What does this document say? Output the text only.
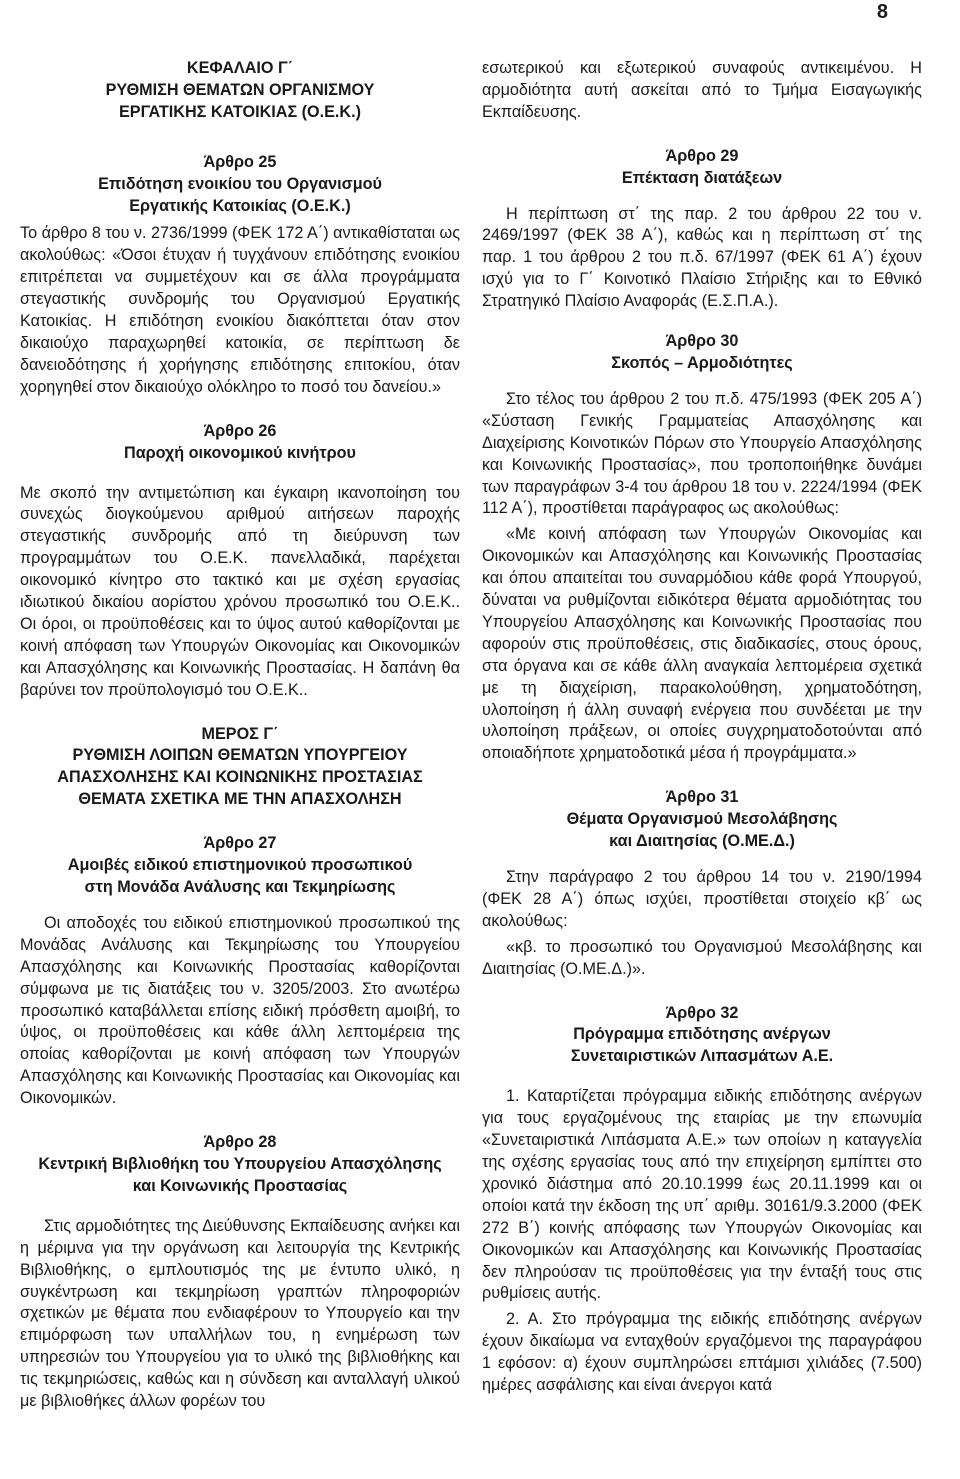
8
ΚΕΦΑΛΑΙΟ Γ΄
ΡΥΘΜΙΣΗ ΘΕΜΑΤΩΝ ΟΡΓΑΝΙΣΜΟΥ
ΕΡΓΑΤΙΚΗΣ ΚΑΤΟΙΚΙΑΣ (Ο.Ε.Κ.)
Άρθρο 25
Επιδότηση ενοικίου του Οργανισμού
Εργατικής Κατοικίας (Ο.Ε.Κ.)

Το άρθρο 8 του ν. 2736/1999 (ΦΕΚ 172 Α΄) αντικαθίσταται ως ακολούθως: «Όσοι έτυχαν ή τυγχάνουν επιδότησης ενοικίου επιτρέπεται να συμμετέχουν και σε άλλα προγράμματα στεγαστικής συνδρομής του Οργανισμού Εργατικής Κατοικίας. Η επιδότηση ενοικίου διακόπτεται όταν στον δικαιούχο παραχωρηθεί κατοικία, σε περίπτωση δε δανειοδότησης ή χορήγησης επιδότησης επιτοκίου, όταν χορηγηθεί στον δικαιούχο ολόκληρο το ποσό του δανείου.»

Άρθρο 26
Παροχή οικονομικού κινήτρου

Με σκοπό την αντιμετώπιση και έγκαιρη ικανοποίηση του συνεχώς διογκούμενου αριθμού αιτήσεων παροχής στεγαστικής συνδρομής από τη διεύρυνση των προγραμμάτων του Ο.Ε.Κ. πανελλαδικά, παρέχεται οικονομικό κίνητρο στο τακτικό και με σχέση εργασίας ιδιωτικού δικαίου αορίστου χρόνου προσωπικό του Ο.Ε.Κ.. Οι όροι, οι προϋποθέσεις και το ύψος αυτού καθορίζονται με κοινή απόφαση των Υπουργών Οικονομίας και Οικονομικών και Απασχόλησης και Κοινωνικής Προστασίας. Η δαπάνη θα βαρύνει τον προϋπολογισμό του Ο.Ε.Κ..

ΜΕΡΟΣ Γ΄
ΡΥΘΜΙΣΗ ΛΟΙΠΩΝ ΘΕΜΑΤΩΝ ΥΠΟΥΡΓΕΙΟΥ
ΑΠΑΣΧΟΛΗΣΗΣ ΚΑΙ ΚΟΙΝΩΝΙΚΗΣ ΠΡΟΣΤΑΣΙΑΣ
ΘΕΜΑΤΑ ΣΧΕΤΙΚΑ ΜΕ ΤΗΝ ΑΠΑΣΧΟΛΗΣΗ
Άρθρο 27
Αμοιβές ειδικού επιστημονικού προσωπικού
στη Μονάδα Ανάλυσης και Τεκμηρίωσης

Οι αποδοχές του ειδικού επιστημονικού προσωπικού της Μονάδας Ανάλυσης και Τεκμηρίωσης του Υπουργείου Απασχόλησης και Κοινωνικής Προστασίας καθορίζονται σύμφωνα με τις διατάξεις του ν. 3205/2003. Στο ανωτέρω προσωπικό καταβάλλεται επίσης ειδική πρόσθετη αμοιβή, το ύψος, οι προϋποθέσεις και κάθε άλλη λεπτομέρεια της οποίας καθορίζονται με κοινή απόφαση των Υπουργών Απασχόλησης και Κοινωνικής Προστασίας και Οικονομίας και Οικονομικών.

Άρθρο 28
Κεντρική Βιβλιοθήκη του Υπουργείου Απασχόλησης
και Κοινωνικής Προστασίας

Στις αρμοδιότητες της Διεύθυνσης Εκπαίδευσης ανήκει και η μέριμνα για την οργάνωση και λειτουργία της Κεντρικής Βιβλιοθήκης, ο εμπλουτισμός της με έντυπο υλικό, η συγκέντρωση και τεκμηρίωση γραπτών πληροφοριών σχετικών με θέματα που ενδιαφέρουν το Υπουργείο και την επιμόρφωση των υπαλλήλων του, η ενημέρωση των υπηρεσιών του Υπουργείου για το υλικό της βιβλιοθήκης και τις τεκμηριώσεις, καθώς και η σύνδεση και ανταλλαγή υλικού με βιβλιοθήκες άλλων φορέων του

εσωτερικού και εξωτερικού συναφούς αντικειμένου. Η αρμοδιότητα αυτή ασκείται από το Τμήμα Εισαγωγικής Εκπαίδευσης.

Άρθρο 29
Επέκταση διατάξεων

Η περίπτωση στ΄ της παρ. 2 του άρθρου 22 του ν. 2469/1997 (ΦΕΚ 38 Α΄), καθώς και η περίπτωση στ΄ της παρ. 1 του άρθρου 2 του π.δ. 67/1997 (ΦΕΚ 61 Α΄) έχουν ισχύ για το Γ΄ Κοινοτικό Πλαίσιο Στήριξης και το Εθνικό Στρατηγικό Πλαίσιο Αναφοράς (Ε.Σ.Π.Α.).

Άρθρο 30
Σκοπός – Αρμοδιότητες

Στο τέλος του άρθρου 2 του π.δ. 475/1993 (ΦΕΚ 205 Α΄) «Σύσταση Γενικής Γραμματείας Απασχόλησης και Διαχείρισης Κοινοτικών Πόρων στο Υπουργείο Απασχόλησης και Κοινωνικής Προστασίας», που τροποποιήθηκε δυνάμει των παραγράφων 3-4 του άρθρου 18 του ν. 2224/1994 (ΦΕΚ 112 Α΄), προστίθεται παράγραφος ως ακολούθως:

«Με κοινή απόφαση των Υπουργών Οικονομίας και Οικονομικών και Απασχόλησης και Κοινωνικής Προστασίας και όπου απαιτείται του συναρμόδιου κάθε φορά Υπουργού, δύναται να ρυθμίζονται ειδικότερα θέματα αρμοδιότητας του Υπουργείου Απασχόλησης και Κοινωνικής Προστασίας που αφορούν στις προϋποθέσεις, στις διαδικασίες, στους όρους, στα όργανα και σε κάθε άλλη αναγκαία λεπτομέρεια σχετικά με τη διαχείριση, παρακολούθηση, χρηματοδότηση, υλοποίηση ή άλλη συναφή ενέργεια που συνδέεται με την υλοποίηση πράξεων, οι οποίες συγχρηματοδοτούνται από οποιαδήποτε χρηματοδοτικά μέσα ή προγράμματα.»

Άρθρο 31
Θέματα Οργανισμού Μεσολάβησης
και Διαιτησίας (Ο.ΜΕ.Δ.)

Στην παράγραφο 2 του άρθρου 14 του ν. 2190/1994 (ΦΕΚ 28 Α΄) όπως ισχύει, προστίθεται στοιχείο κβ΄ ως ακολούθως:

«κβ. το προσωπικό του Οργανισμού Μεσολάβησης και Διαιτησίας (Ο.ΜΕ.Δ.)».

Άρθρο 32
Πρόγραμμα επιδότησης ανέργων
Συνεταιριστικών Λιπασμάτων Α.Ε.

1. Καταρτίζεται πρόγραμμα ειδικής επιδότησης ανέργων για τους εργαζομένους της εταιρίας με την επωνυμία «Συνεταιριστικά Λιπάσματα Α.Ε.» των οποίων η καταγγελία της σχέσης εργασίας τους από την επιχείρηση εμπίπτει στο χρονικό διάστημα από 20.10.1999 έως 20.11.1999 και οι οποίοι κατά την έκδοση της υπ΄ αριθμ. 30161/9.3.2000 (ΦΕΚ 272 Β΄) κοινής απόφασης των Υπουργών Οικονομίας και Οικονομικών και Απασχόλησης και Κοινωνικής Προστασίας δεν πληρούσαν τις προϋποθέσεις για την ένταξή τους στις ρυθμίσεις αυτής.

2. Α. Στο πρόγραμμα της ειδικής επιδότησης ανέργων έχουν δικαίωμα να ενταχθούν εργαζόμενοι της παραγράφου 1 εφόσον: α) έχουν συμπληρώσει επτάμισι χιλιάδες (7.500) ημέρες ασφάλισης και είναι άνεργοι κατά
